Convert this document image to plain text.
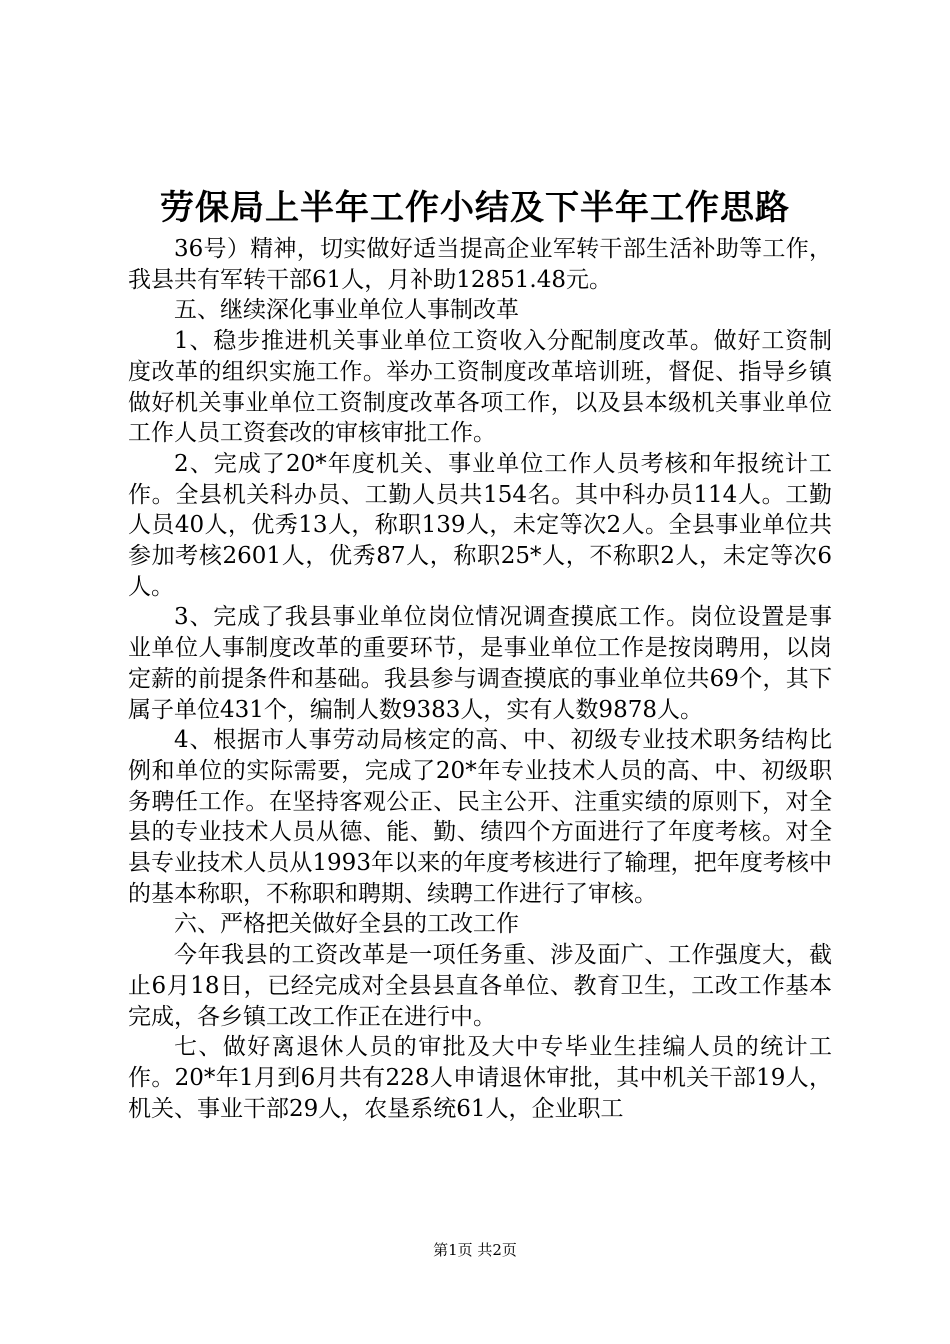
劳保局上半年工作小结及下半年工作思路

36号）精神，切实做好适当提高企业军转干部生活补助等工作，我县共有军转干部61人，月补助12851.48元。

五、继续深化事业单位人事制改革

1、稳步推进机关事业单位工资收入分配制度改革。做好工资制度改革的组织实施工作。举办工资制度改革培训班，督促、指导乡镇做好机关事业单位工资制度改革各项工作，以及县本级机关事业单位工作人员工资套改的审核审批工作。

2、完成了20*年度机关、事业单位工作人员考核和年报统计工作。全县机关科办员、工勤人员共154名。其中科办员114人。工勤人员40人，优秀13人，称职139人，未定等次2人。全县事业单位共参加考核2601人，优秀87人，称职25*人，不称职2人，未定等次6人。

3、完成了我县事业单位岗位情况调查摸底工作。岗位设置是事业单位人事制度改革的重要环节，是事业单位工作是按岗聘用，以岗定薪的前提条件和基础。我县参与调查摸底的事业单位共69个，其下属子单位431个，编制人数9383人，实有人数9878人。

4、根据市人事劳动局核定的高、中、初级专业技术职务结构比例和单位的实际需要，完成了20*年专业技术人员的高、中、初级职务聘任工作。在坚持客观公正、民主公开、注重实绩的原则下，对全县的专业技术人员从德、能、勤、绩四个方面进行了年度考核。对全县专业技术人员从1993年以来的年度考核进行了输理，把年度考核中的基本称职，不称职和聘期、续聘工作进行了审核。

六、严格把关做好全县的工改工作

今年我县的工资改革是一项任务重、涉及面广、工作强度大，截止6月18日，已经完成对全县县直各单位、教育卫生，工改工作基本完成，各乡镇工改工作正在进行中。

七、做好离退休人员的审批及大中专毕业生挂编人员的统计工作。20*年1月到6月共有228人申请退休审批，其中机关干部19人，机关、事业干部29人，农垦系统61人，企业职工

第1页 共2页
